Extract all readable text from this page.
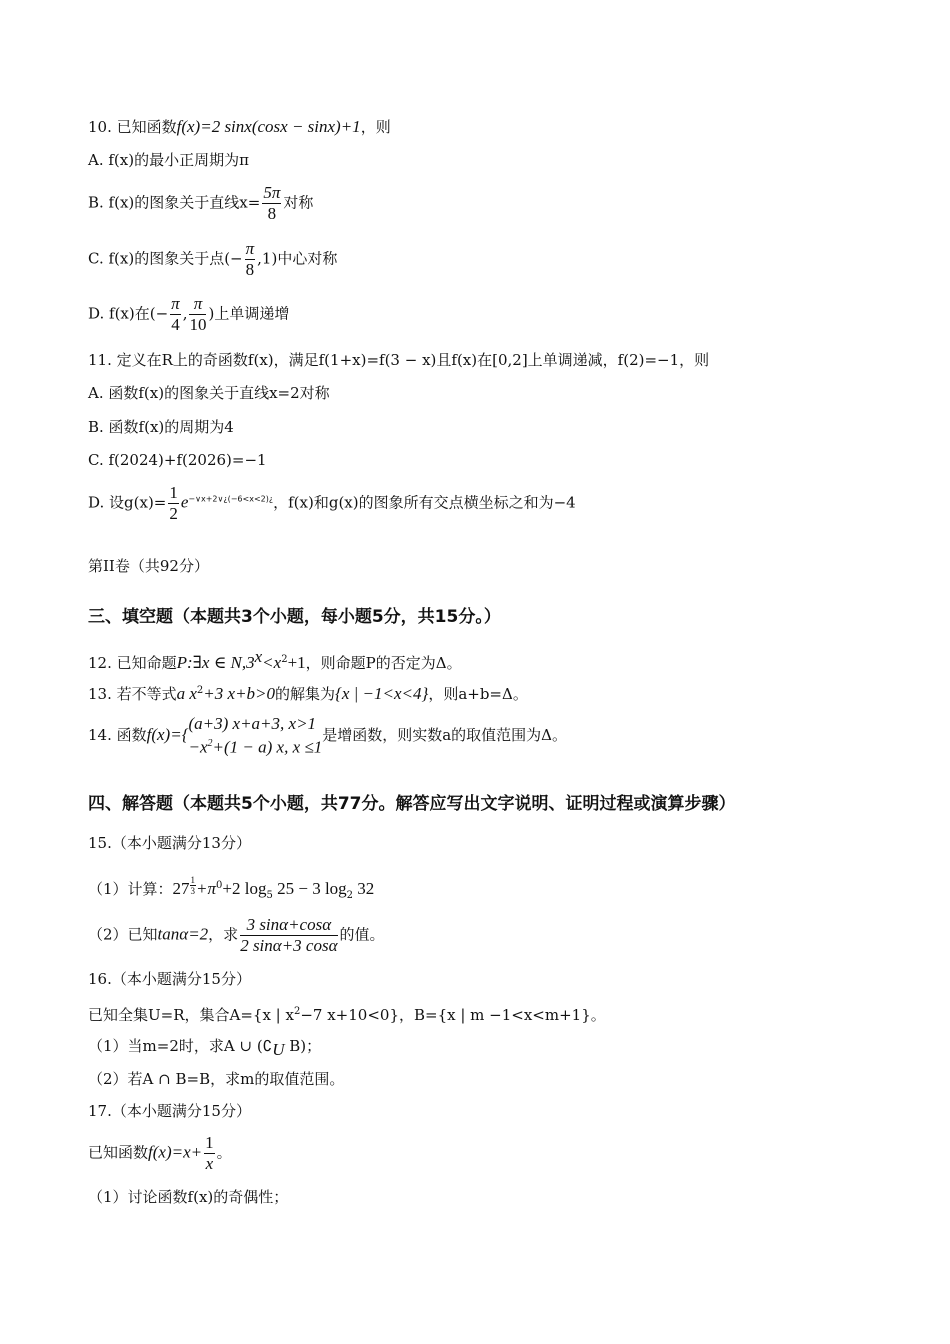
10. 已知函数f(x)=2 sinx(cosx − sinx)+1，则
A. f(x)的最小正周期为π
B. f(x)的图象关于直线$x= \frac{5\pi}{8}$ 对称
C. f(x)的图象关于点(− $\frac{\pi}{8} ,1$)中心对称
D. f(x)在(− $\frac{\pi}{4}$ , $\frac{\pi}{10}$ )上单调递增
11. 定义在R上的奇函数f(x)，满足f(1+x)=f(3 − x)且f(x)在[0,2]上单调递减，f(2)=−1，则
A. 函数f(x)的图象关于直线x=2对称
B. 函数f(x)的周期为4
C. f(2024)+f(2026)=−1
D. 设$g(x)= \frac{1}{2} e^{-\vee x+2\vee¿(-6<x<2)¿}$，f(x)和g(x)的图象所有交点横坐标之和为−4
第II卷（共92分）
三、填空题（本题共3个小题，每小题5分，共15分。）
12. 已知命题P:∃x ∈ $N,3^x<x^2+1$，则命题P的否定为Δ。
13. 若不等式a $x^2+3$ x+b>0的解集为{x | −1<x<4}，则a+b=Δ。
14. 函数f(x)={
(a+3) x+a+3, x>1
$-x^2+(1 - a)$ x, x ≤1
是增函数，则实数a的取值范围为Δ。
四、解答题（本题共5个小题，共77分。解答应写出文字说明、证明过程或演算步骤）
15.（本小题满分13分）
（1）计算：27 $^{\frac{1}{3}} +\pi^0+2$ $\log_5 25 - 3$ $\log_2 32$
（2）已知tanα=2，求 $\frac{3 \sin\alpha+\cos\alpha}{2 \sin\alpha+3 \cos\alpha}$ 的值。
16.（本小题满分15分）
已知全集U=R，集合A={x | $x^2-7$ x+10<0}，B={x | m −1<x<m+1}。
（1）当m=2时，求A ∪ ($∁_U$ B)；
（2）若A ∩ B=B，求m的取值范围。
17.（本小题满分15分）
已知函数$f(x)=x+ \frac{1}{x}$ 。
（1）讨论函数f(x)的奇偶性；
